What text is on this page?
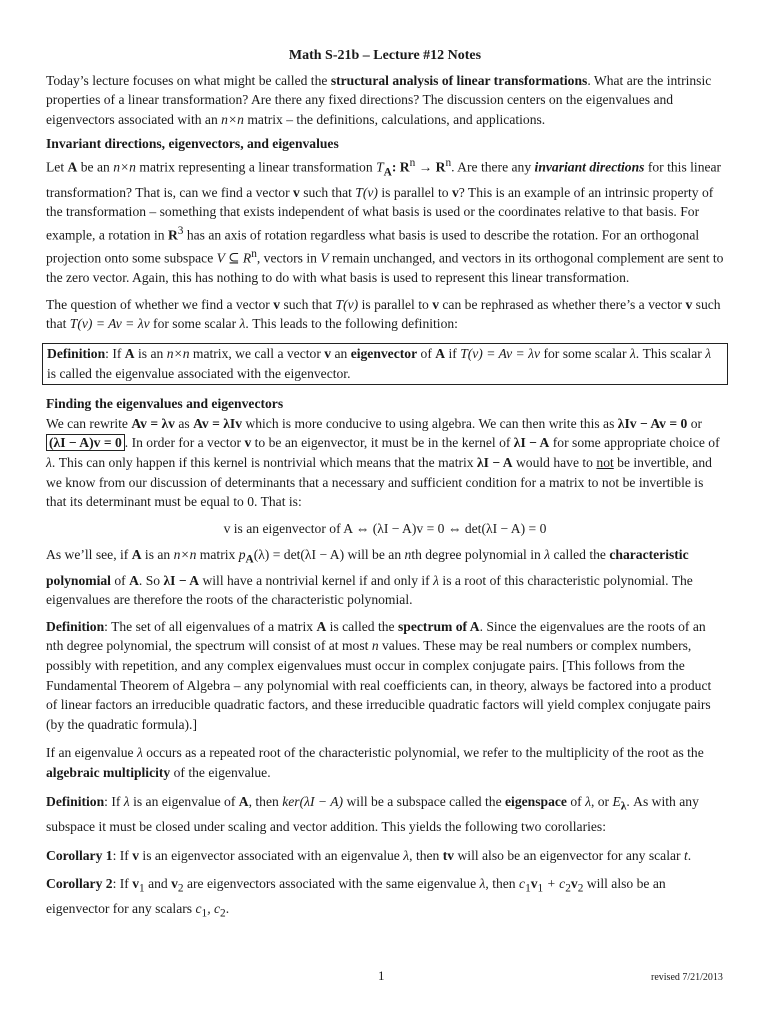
Math S-21b – Lecture #12 Notes

Today’s lecture focuses on what might be called the structural analysis of linear transformations. What are the intrinsic properties of a linear transformation? Are there any fixed directions? The discussion centers on the eigenvalues and eigenvectors associated with an n×n matrix – the definitions, calculations, and applications.

Invariant directions, eigenvectors, and eigenvalues

Let A be an n×n matrix representing a linear transformation $T_A$: $R^n \to R^n$. Are there any invariant directions for this linear transformation? That is, can we find a vector v such that T(v) is parallel to v? This is an example of an intrinsic property of the transformation – something that exists independent of what basis is used or the coordinates relative to that basis. For example, a rotation in $R^3$ has an axis of rotation regardless what basis is used to describe the rotation. For an orthogonal projection onto some subspace V ⊆ $R^n$, vectors in V remain unchanged, and vectors in its orthogonal complement are sent to the zero vector. Again, this has nothing to do with what basis is used to represent this linear transformation.

The question of whether we find a vector v such that T(v) is parallel to v can be rephrased as whether there’s a vector v such that T(v) = Av = λv for some scalar λ. This leads to the following definition:

Definition: If A is an n×n matrix, we call a vector v an eigenvector of A if T(v) = Av = λv for some scalar λ. This scalar λ is called the eigenvalue associated with the eigenvector.
Finding the eigenvalues and eigenvectors

We can rewrite Av = λv as Av = λIv which is more conducive to using algebra. We can then write this as λIv − Av = 0 or (λI − A)v = 0 . In order for a vector v to be an eigenvector, it must be in the kernel of λI − A for some appropriate choice of λ. This can only happen if this kernel is nontrivial which means that the matrix λI − A would have to not be invertible, and we know from our discussion of determinants that a necessary and sufficient condition for a matrix to not be invertible is that its determinant must be equal to 0. That is:

v is an eigenvector of A ⇔ (λI − A)v = 0 ⇔ det(λI − A) = 0

As we’ll see, if A is an n×n matrix $p_A(\lambda) = \det(\lambda I - A)$ will be an nth degree polynomial in λ called the characteristic polynomial of A. So λI − A will have a nontrivial kernel if and only if λ is a root of this characteristic polynomial. The eigenvalues are therefore the roots of the characteristic polynomial.

Definition: The set of all eigenvalues of a matrix A is called the spectrum of A. Since the eigenvalues are the roots of an nth degree polynomial, the spectrum will consist of at most n values. These may be real numbers or complex numbers, possibly with repetition, and any complex eigenvalues must occur in complex conjugate pairs. [This follows from the Fundamental Theorem of Algebra – any polynomial with real coefficients can, in theory, always be factored into a product of linear factors an irreducible quadratic factors, and these irreducible quadratic factors will yield complex conjugate pairs (by the quadratic formula).]

If an eigenvalue λ occurs as a repeated root of the characteristic polynomial, we refer to the multiplicity of the root as the algebraic multiplicity of the eigenvalue.

Definition: If λ is an eigenvalue of A, then ker(λI − A) will be a subspace called the eigenspace of λ, or $E_\lambda$. As with any subspace it must be closed under scaling and vector addition. This yields the following two corollaries:

Corollary 1: If v is an eigenvector associated with an eigenvalue λ, then tv will also be an eigenvector for any scalar t.

Corollary 2: If $v_1$ and $v_2$ are eigenvectors associated with the same eigenvalue λ, then $c_1v_1 + c_2v_2$ will also be an eigenvector for any scalars $c_1$, $c_2$.

1	revised 7/21/2013
